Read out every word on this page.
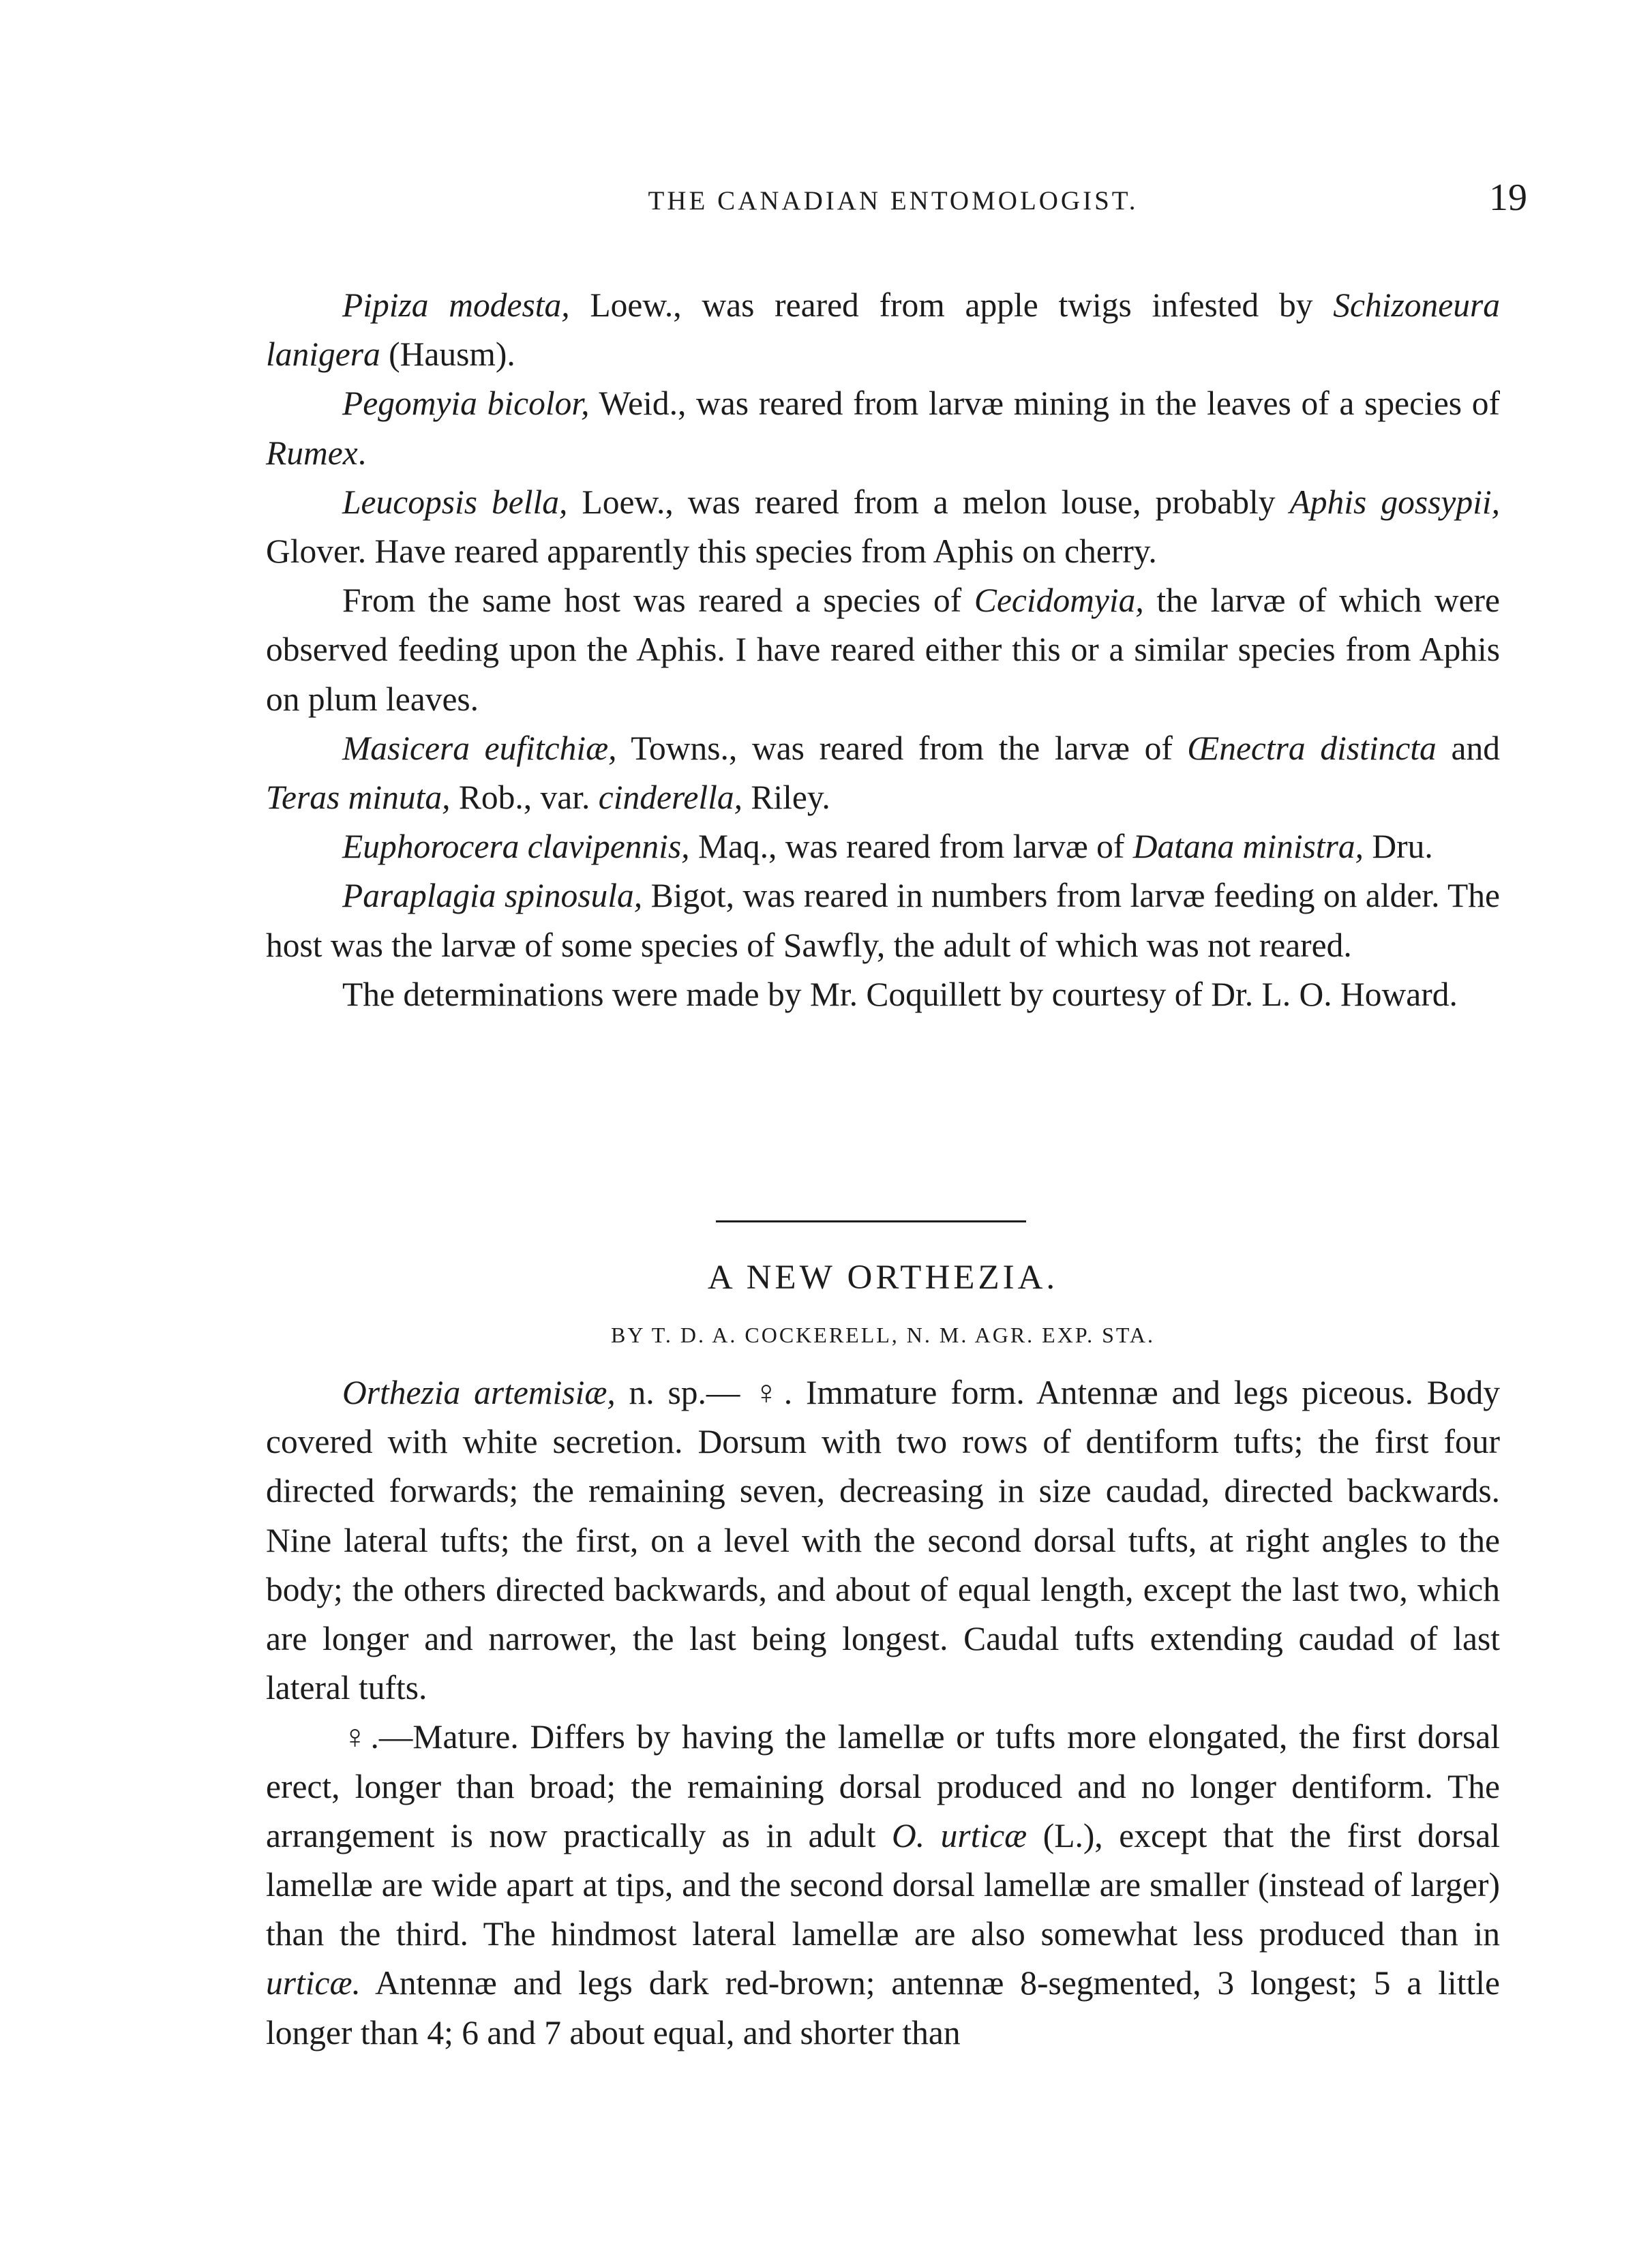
THE CANADIAN ENTOMOLOGIST.	19

Pipiza modesta, Loew., was reared from apple twigs infested by Schizoneura lanigera (Hausm).

Pegomyia bicolor, Weid., was reared from larvæ mining in the leaves of a species of Rumex.

Leucopsis bella, Loew., was reared from a melon louse, probably Aphis gossypii, Glover. Have reared apparently this species from Aphis on cherry.

From the same host was reared a species of Cecidomyia, the larvæ of which were observed feeding upon the Aphis. I have reared either this or a similar species from Aphis on plum leaves.

Masicera eufitchiæ, Towns., was reared from the larvæ of Œnectra distincta and Teras minuta, Rob., var. cinderella, Riley.

Euphorocera clavipennis, Maq., was reared from larvæ of Datana ministra, Dru.

Paraplagia spinosula, Bigot, was reared in numbers from larvæ feeding on alder. The host was the larvæ of some species of Sawfly, the adult of which was not reared.

The determinations were made by Mr. Coquillett by courtesy of Dr. L. O. Howard.

A NEW ORTHEZIA.
BY T. D. A. COCKERELL, N. M. AGR. EXP. STA.

Orthezia artemisiæ, n. sp.— ♀. Immature form. Antennæ and legs piceous. Body covered with white secretion. Dorsum with two rows of dentiform tufts; the first four directed forwards; the remaining seven, decreasing in size caudad, directed backwards. Nine lateral tufts; the first, on a level with the second dorsal tufts, at right angles to the body; the others directed backwards, and about of equal length, except the last two, which are longer and narrower, the last being longest. Caudal tufts extending caudad of last lateral tufts.

♀.—Mature. Differs by having the lamellæ or tufts more elongated, the first dorsal erect, longer than broad; the remaining dorsal produced and no longer dentiform. The arrangement is now practically as in adult O. urticæ (L.), except that the first dorsal lamellæ are wide apart at tips, and the second dorsal lamellæ are smaller (instead of larger) than the third. The hindmost lateral lamellæ are also somewhat less produced than in urticæ. Antennæ and legs dark red-brown; antennæ 8-segmented, 3 longest; 5 a little longer than 4; 6 and 7 about equal, and shorter than
